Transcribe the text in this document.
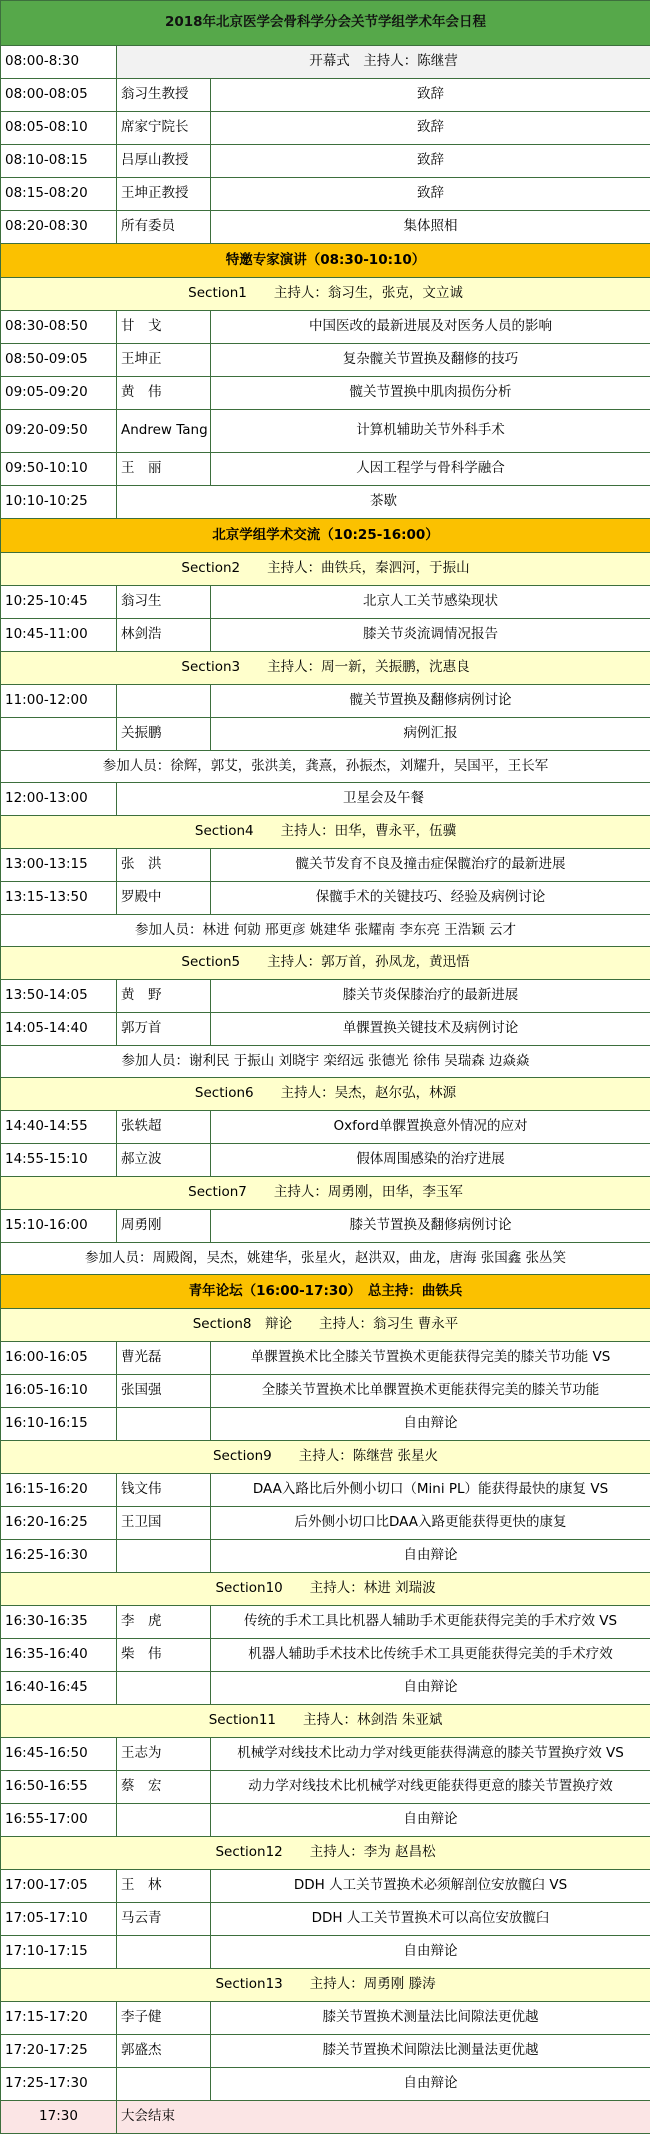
2018年北京医学会骨科学分会关节学组学术年会日程		
08:00-8:30	开幕式　主持人：陈继营	
08:00-08:05	翁习生教授	致辞
08:05-08:10	席家宁院长	致辞
08:10-08:15	吕厚山教授	致辞
08:15-08:20	王坤正教授	致辞
08:20-08:30	所有委员	集体照相
特邀专家演讲（08:30-10:10）		
Section1　　主持人：翁习生，张克，文立诚		
08:30-08:50	甘　戈	中国医改的最新进展及对医务人员的影响
08:50-09:05	王坤正	复杂髋关节置换及翻修的技巧
09:05-09:20	黄　伟	髋关节置换中肌肉损伤分析
09:20-09:50	Andrew Tang	计算机辅助关节外科手术
09:50-10:10	王　丽	人因工程学与骨科学融合
10:10-10:25	茶歇	
北京学组学术交流（10:25-16:00）		
Section2　　主持人：曲铁兵，秦泗河，于振山		
10:25-10:45	翁习生	北京人工关节感染现状
10:45-11:00	林剑浩	膝关节炎流调情况报告
Section3　　主持人：周一新，关振鹏，沈惠良		
11:00-12:00		髋关节置换及翻修病例讨论
	关振鹏	病例汇报
参加人员：徐辉，郭艾，张洪美，龚熹，孙振杰，刘耀升，吴国平，王长军		
12:00-13:00	卫星会及午餐	
Section4　　主持人：田华，曹永平，伍骥		
13:00-13:15	张　洪	髋关节发育不良及撞击症保髋治疗的最新进展
13:15-13:50	罗殿中	保髋手术的关键技巧、经验及病例讨论
参加人员：林进 何勍 邢更彦 姚建华 张耀南 李东亮 王浩颖 云才		
Section5　　主持人：郭万首，孙凤龙，黄迅悟		
13:50-14:05	黄　野	膝关节炎保膝治疗的最新进展
14:05-14:40	郭万首	单髁置换关键技术及病例讨论
参加人员：谢利民 于振山 刘晓宇 栾绍远 张德光 徐伟 吴瑞森 边焱焱		
Section6　　主持人：吴杰，赵尔弘，林源		
14:40-14:55	张轶超	Oxford单髁置换意外情况的应对
14:55-15:10	郝立波	假体周围感染的治疗进展
Section7　　主持人：周勇刚，田华，李玉军		
15:10-16:00	周勇刚	膝关节置换及翻修病例讨论
参加人员：周殿阁，吴杰，姚建华，张星火，赵洪双，曲龙，唐海 张国鑫 张丛笑		
青年论坛（16:00-17:30）　总主持：曲铁兵		
Section8　辩论　　主持人：翁习生 曹永平		
16:00-16:05	曹光磊	单髁置换术比全膝关节置换术更能获得完美的膝关节功能 VS
16:05-16:10	张国强	全膝关节置换术比单髁置换术更能获得完美的膝关节功能
16:10-16:15		自由辩论
Section9　　主持人：陈继营 张星火		
16:15-16:20	钱文伟	DAA入路比后外侧小切口（Mini PL）能获得最快的康复 VS
16:20-16:25	王卫国	后外侧小切口比DAA入路更能获得更快的康复
16:25-16:30		自由辩论
Section10　　主持人：林进 刘瑞波		
16:30-16:35	李　虎	传统的手术工具比机器人辅助手术更能获得完美的手术疗效 VS
16:35-16:40	柴　伟	机器人辅助手术技术比传统手术工具更能获得完美的手术疗效
16:40-16:45		自由辩论
Section11　　主持人：林剑浩 朱亚斌		
16:45-16:50	王志为	机械学对线技术比动力学对线更能获得满意的膝关节置换疗效 VS
16:50-16:55	蔡　宏	动力学对线技术比机械学对线更能获得更意的膝关节置换疗效
16:55-17:00		自由辩论
Section12　　主持人：李为 赵昌松		
17:00-17:05	王　林	DDH 人工关节置换术必须解剖位安放髋臼 VS
17:05-17:10	马云青	DDH 人工关节置换术可以高位安放髋臼
17:10-17:15		自由辩论
Section13　　主持人：周勇刚 滕涛		
17:15-17:20	李子健	膝关节置换术测量法比间隙法更优越
17:20-17:25	郭盛杰	膝关节置换术间隙法比测量法更优越
17:25-17:30		自由辩论
17:30	大会结束	
